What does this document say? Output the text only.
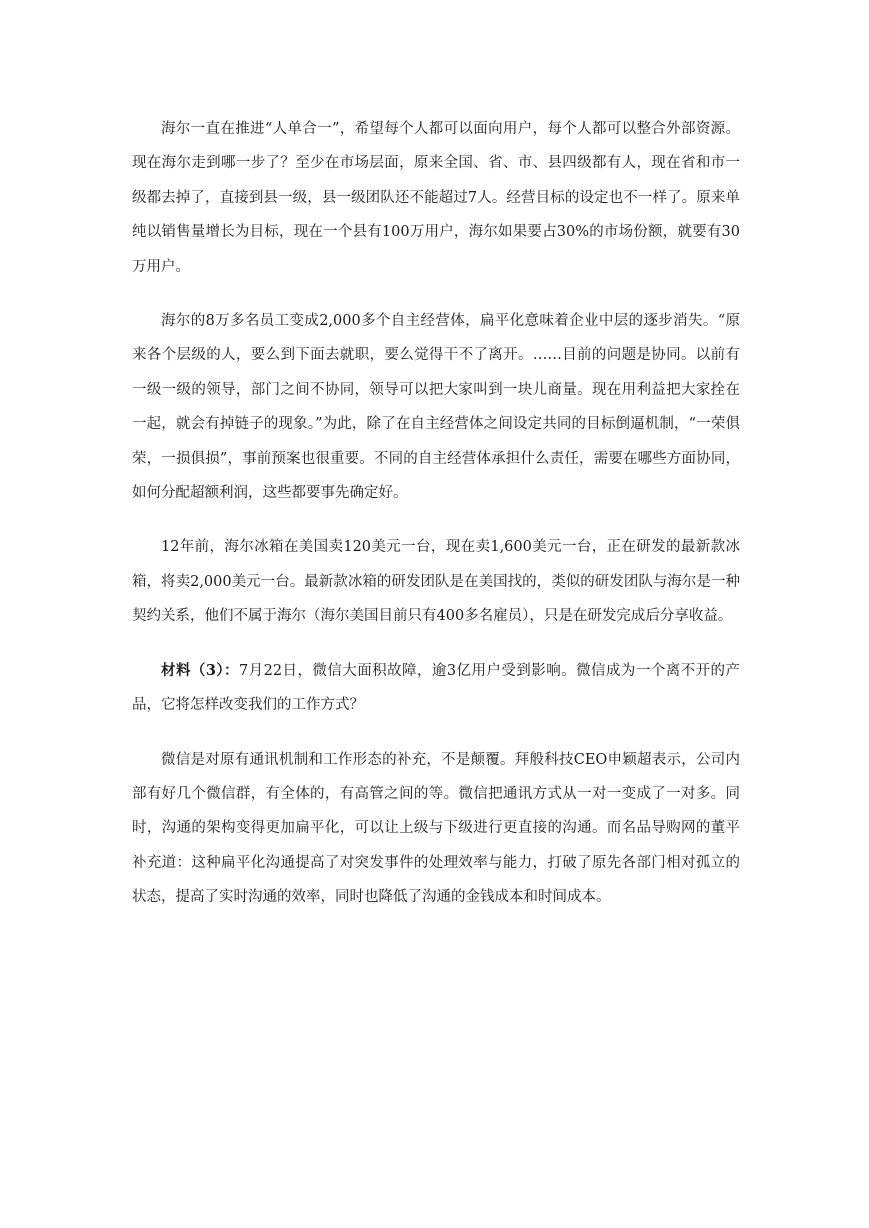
海尔一直在推进“人单合一”，希望每个人都可以面向用户，每个人都可以整合外部资源。现在海尔走到哪一步了？至少在市场层面，原来全国、省、市、县四级都有人，现在省和市一级都去掉了，直接到县一级，县一级团队还不能超过7人。经营目标的设定也不一样了。原来单纯以销售量增长为目标，现在一个县有100万用户，海尔如果要占30%的市场份额，就要有30万用户。

海尔的8万多名员工变成2,000多个自主经营体，扁平化意味着企业中层的逐步消失。“原来各个层级的人，要么到下面去就职，要么觉得干不了离开。……目前的问题是协同。以前有一级一级的领导，部门之间不协同，领导可以把大家叫到一块儿商量。现在用利益把大家拴在一起，就会有掉链子的现象。”为此，除了在自主经营体之间设定共同的目标倒逼机制，“一荣俱荣，一损俱损”，事前预案也很重要。不同的自主经营体承担什么责任，需要在哪些方面协同，如何分配超额利润，这些都要事先确定好。

12年前，海尔冰箱在美国卖120美元一台，现在卖1,600美元一台，正在研发的最新款冰箱，将卖2,000美元一台。最新款冰箱的研发团队是在美国找的，类似的研发团队与海尔是一种契约关系，他们不属于海尔（海尔美国目前只有400多名雇员），只是在研发完成后分享收益。

材料（3）：7月22日，微信大面积故障，逾3亿用户受到影响。微信成为一个离不开的产品，它将怎样改变我们的工作方式？

微信是对原有通讯机制和工作形态的补充，不是颠覆。拜般科技CEO申颖超表示，公司内部有好几个微信群，有全体的，有高管之间的等。微信把通讯方式从一对一变成了一对多。同时，沟通的架构变得更加扁平化，可以让上级与下级进行更直接的沟通。而名品导购网的董平补充道：这种扁平化沟通提高了对突发事件的处理效率与能力，打破了原先各部门相对孤立的状态，提高了实时沟通的效率，同时也降低了沟通的金钱成本和时间成本。
